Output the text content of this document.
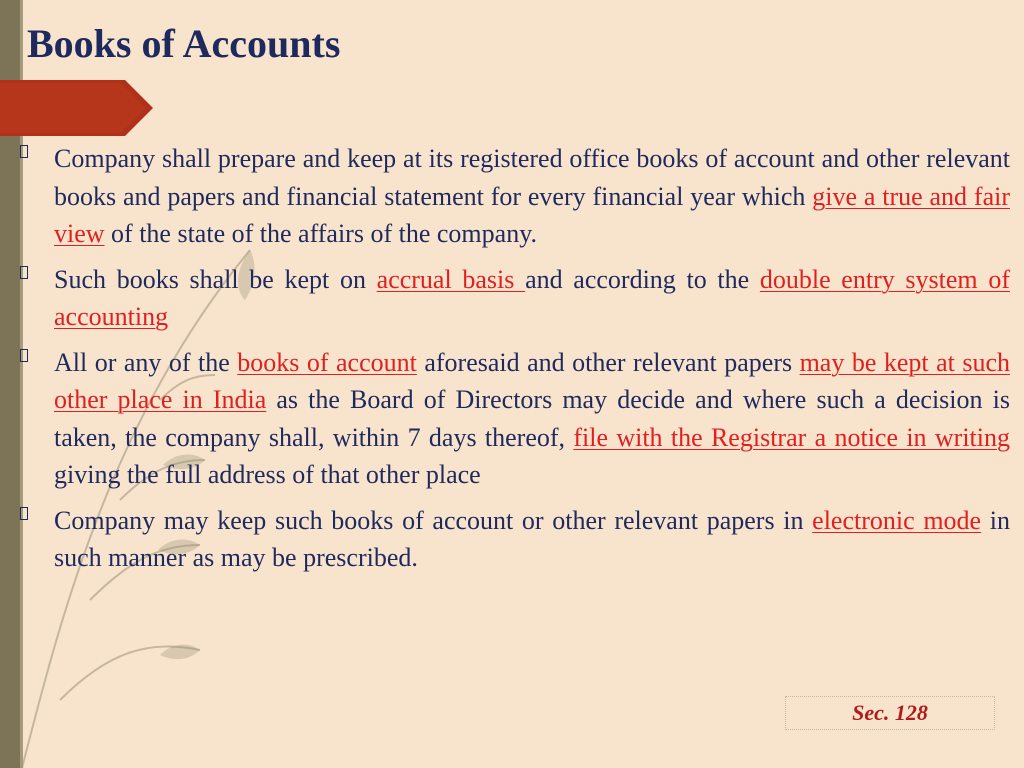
Books of Accounts
Company shall prepare and keep at its registered office books of account and other relevant books and papers and financial statement for every financial year which give a true and fair view of the state of the affairs of the company.
Such books shall be kept on accrual basis and according to the double entry system of accounting
All or any of the books of account aforesaid and other relevant papers may be kept at such other place in India as the Board of Directors may decide and where such a decision is taken, the company shall, within 7 days thereof, file with the Registrar a notice in writing giving the full address of that other place
Company may keep such books of account or other relevant papers in electronic mode in such manner as may be prescribed.
Sec. 128
